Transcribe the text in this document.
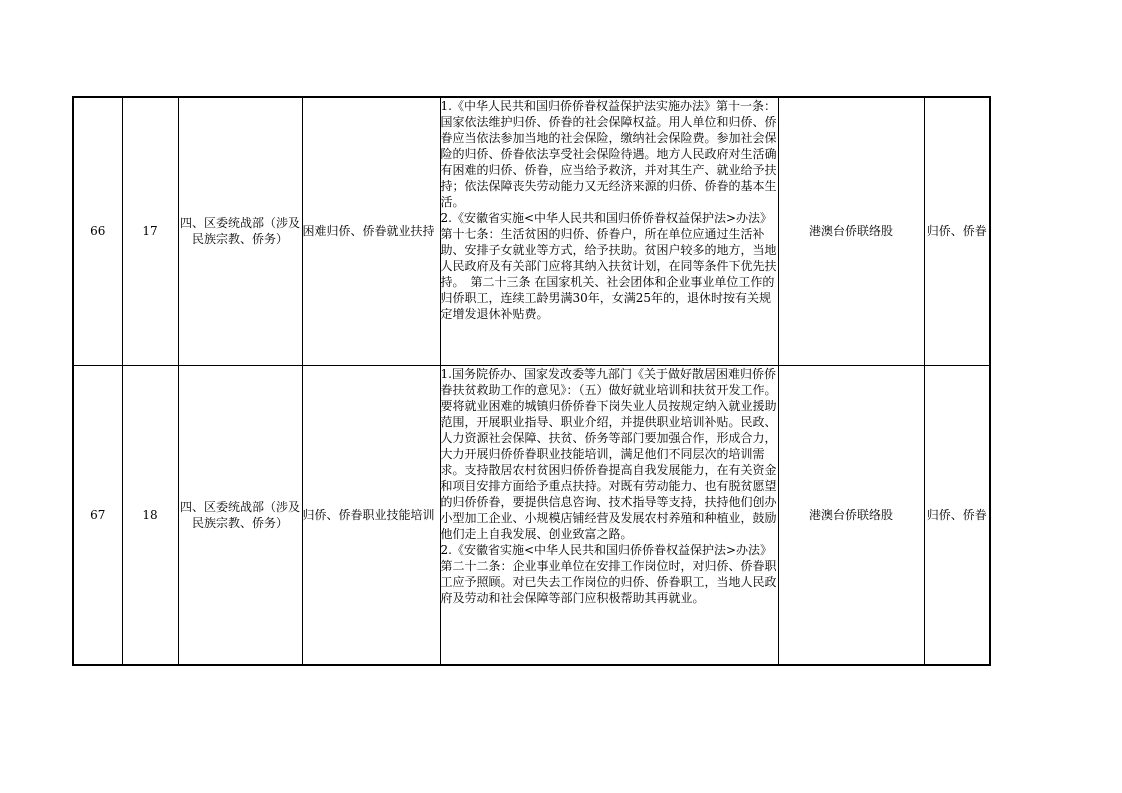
66	17	四、区委统战部（涉及民族宗教、侨务）	困难归侨、侨眷就业扶持	1.《中华人民共和国归侨侨眷权益保护法实施办法》第十一条：国家依法维护归侨、侨眷的社会保障权益。用人单位和归侨、侨眷应当依法参加当地的社会保险，缴纳社会保险费。参加社会保险的归侨、侨眷依法享受社会保险待遇。地方人民政府对生活确有困难的归侨、侨眷，应当给予救济，并对其生产、就业给予扶持；依法保障丧失劳动能力又无经济来源的归侨、侨眷的基本生活。
2.《安徽省实施<中华人民共和国归侨侨眷权益保护法>办法》第十七条：生活贫困的归侨、侨眷户，所在单位应通过生活补助、安排子女就业等方式，给予扶助。贫困户较多的地方，当地人民政府及有关部门应将其纳入扶贫计划，在同等条件下优先扶持。　第二十三条 在国家机关、社会团体和企业事业单位工作的归侨职工，连续工龄男满30年，女满25年的，退休时按有关规定增发退休补贴费。	港澳台侨联络股	归侨、侨眷
67	18	四、区委统战部（涉及民族宗教、侨务）	归侨、侨眷职业技能培训	1.国务院侨办、国家发改委等九部门《关于做好散居困难归侨侨眷扶贫救助工作的意见》：（五）做好就业培训和扶贫开发工作。要将就业困难的城镇归侨侨眷下岗失业人员按规定纳入就业援助范围，开展职业指导、职业介绍，并提供职业培训补贴。民政、人力资源社会保障、扶贫、侨务等部门要加强合作，形成合力，大力开展归侨侨眷职业技能培训，满足他们不同层次的培训需求。支持散居农村贫困归侨侨眷提高自我发展能力，在有关资金和项目安排方面给予重点扶持。对既有劳动能力、也有脱贫愿望的归侨侨眷，要提供信息咨询、技术指导等支持，扶持他们创办小型加工企业、小规模店铺经营及发展农村养殖和种植业，鼓励他们走上自我发展、创业致富之路。
2.《安徽省实施<中华人民共和国归侨侨眷权益保护法>办法》第二十二条：企业事业单位在安排工作岗位时，对归侨、侨眷职工应予照顾。对已失去工作岗位的归侨、侨眷职工，当地人民政府及劳动和社会保障等部门应积极帮助其再就业。	港澳台侨联络股	归侨、侨眷
